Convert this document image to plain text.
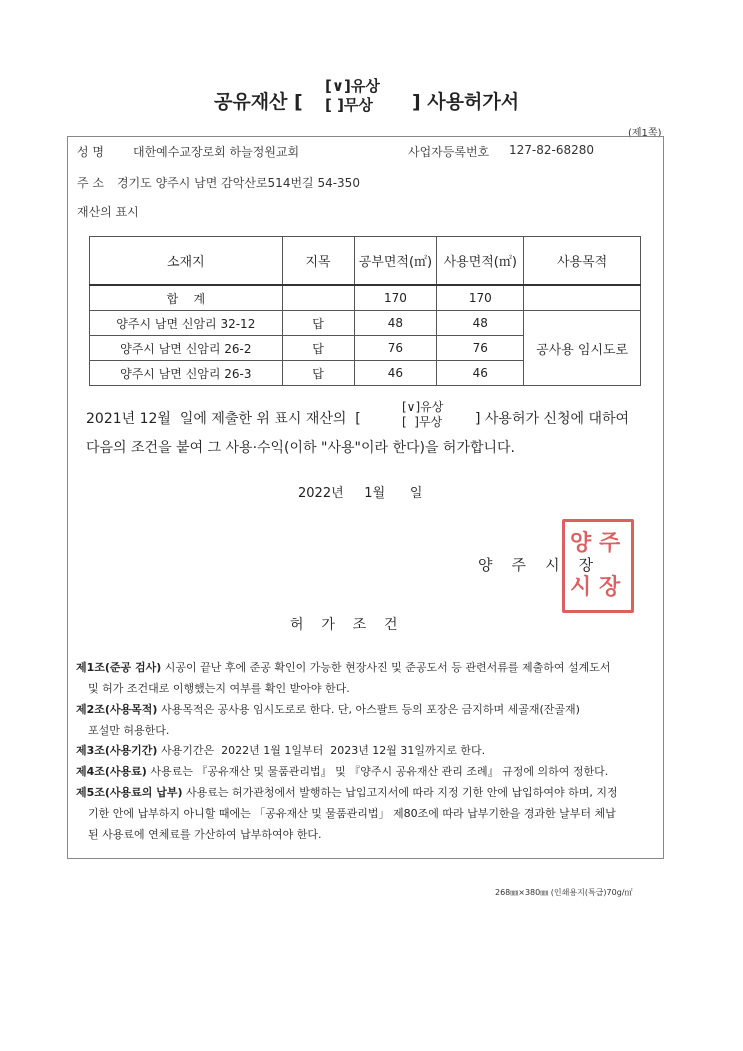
공유재산 [
[∨]유상
[ ]무상 ] 사용허가서
(제1쪽)
성 명 대한예수교장로회 하늘정원교회	사업자등록번호 127-82-68280
주 소 경기도 양주시 남면 감악산로514번길 54-350
재산의 표시
소재지	지목	공부면적(㎡)	사용면적(㎡)	사용목적
합    계		170	170	
양주시 남면 신암리 32-12	답	48	48	공사용 임시도로
양주시 남면 신암리 26-2	답	76	76	
양주시 남면 신암리 26-3	답	46	46	
2021년 12월  일에 제출한 위 표시 재산의  [
[∨]유상
[  ]무상 ] 사용허가 신청에 대하여
다음의 조건을 붙여 그 사용·수익(이하 "사용"이라 한다)을 허가합니다.
2022년     1월      일
양 주
시 장
양    주    시    장
허    가    조    건
제1조(준공 검사) 시공이 끝난 후에 준공 확인이 가능한 현장사진 및 준공도서 등 관련서류를 제출하여 설계도서
및 허가 조건대로 이행했는지 여부를 확인 받아야 한다.
제2조(사용목적) 사용목적은 공사용 임시도로로 한다. 단, 아스팔트 등의 포장은 금지하며 세골재(잔골재)
포설만 허용한다.
제3조(사용기간) 사용기간은  2022년 1월 1일부터  2023년 12월 31일까지로 한다.
제4조(사용료) 사용료는 『공유재산 및 물품관리법』 및 『양주시 공유재산 관리 조례』 규정에 의하여 정한다.
제5조(사용료의 납부) 사용료는 허가관청에서 발행하는 납입고지서에 따라 지정 기한 안에 납입하여야 하며, 지정
기한 안에 납부하지 아니할 때에는 「공유재산 및 물품관리법」 제80조에 따라 납부기한을 경과한 날부터 체납
된 사용료에 연체료를 가산하여 납부하여야 한다.
268㎜×380㎜ (인쇄용지(특급)70g/㎡
